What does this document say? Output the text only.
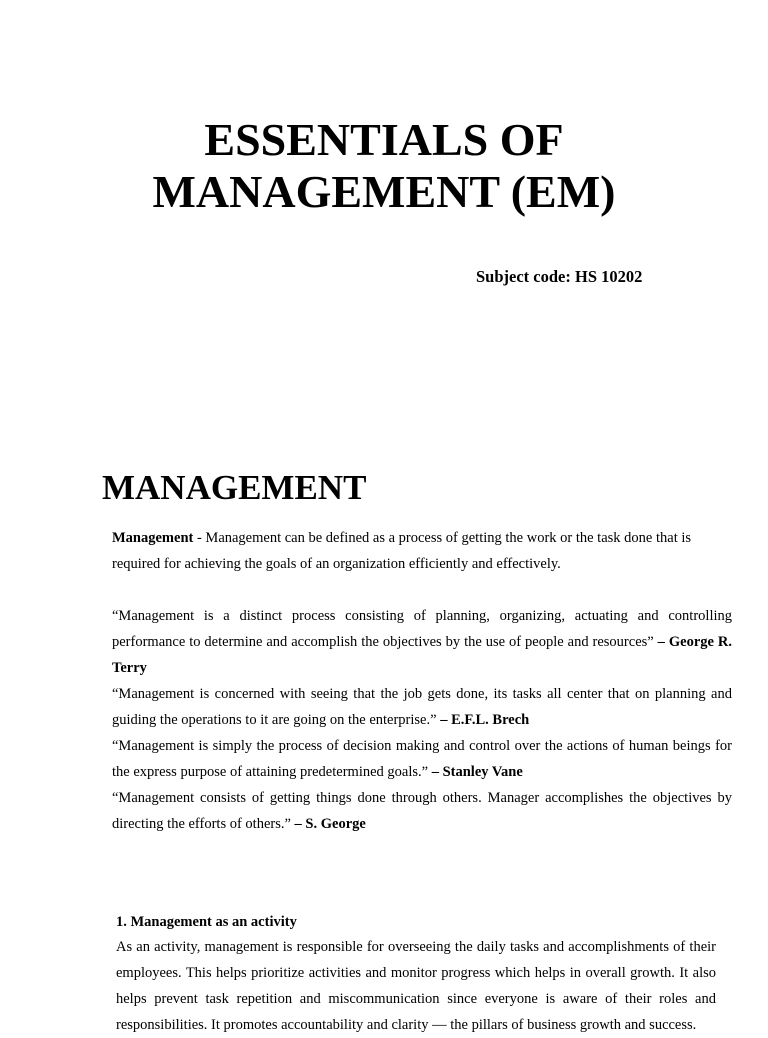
ESSENTIALS OF
MANAGEMENT (EM)

Subject code: HS 10202

MANAGEMENT

Management - Management can be defined as a process of getting the work or the task done that is required for achieving the goals of an organization efficiently and effectively.

“Management is a distinct process consisting of planning, organizing, actuating and controlling performance to determine and accomplish the objectives by the use of people and resources” – George R. Terry

“Management is concerned with seeing that the job gets done, its tasks all center that on planning and guiding the operations to it are going on the enterprise.” – E.F.L. Brech

“Management is simply the process of decision making and control over the actions of human beings for the express purpose of attaining predetermined goals.” – Stanley Vane

“Management consists of getting things done through others. Manager accomplishes the objectives by directing the efforts of others.” – S. George

1. Management as an activity

As an activity, management is responsible for overseeing the daily tasks and accomplishments of their employees. This helps prioritize activities and monitor progress which helps in overall growth. It also helps prevent task repetition and miscommunication since everyone is aware of their roles and responsibilities. It promotes accountability and clarity — the pillars of business growth and success.
